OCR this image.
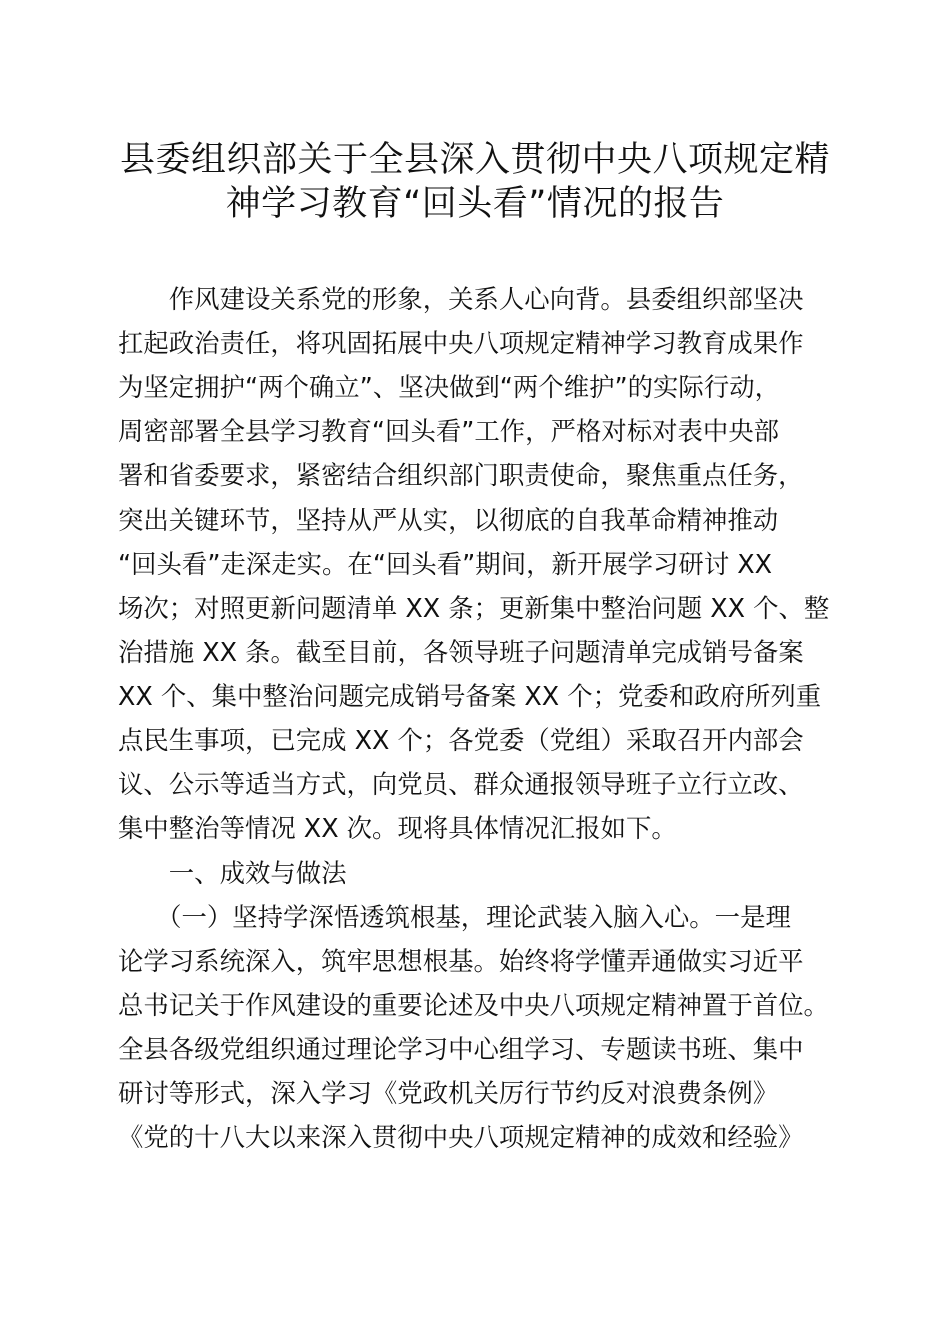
县委组织部关于全县深入贯彻中央八项规定精
神学习教育“回头看”情况的报告
　　作风建设关系党的形象，关系人心向背。县委组织部坚决
扛起政治责任，将巩固拓展中央八项规定精神学习教育成果作
为坚定拥护“两个确立”、坚决做到“两个维护”的实际行动，
周密部署全县学习教育“回头看”工作，严格对标对表中央部
署和省委要求，紧密结合组织部门职责使命，聚焦重点任务，
突出关键环节，坚持从严从实，以彻底的自我革命精神推动
“回头看”走深走实。在“回头看”期间，新开展学习研讨 XX
场次；对照更新问题清单 XX 条；更新集中整治问题 XX 个、整
治措施 XX 条。截至目前，各领导班子问题清单完成销号备案
XX 个、集中整治问题完成销号备案 XX 个；党委和政府所列重
点民生事项，已完成 XX 个；各党委（党组）采取召开内部会
议、公示等适当方式，向党员、群众通报领导班子立行立改、
集中整治等情况 XX 次。现将具体情况汇报如下。
　　一、成效与做法
　　（一）坚持学深悟透筑根基，理论武装入脑入心。一是理
论学习系统深入，筑牢思想根基。始终将学懂弄通做实习近平
总书记关于作风建设的重要论述及中央八项规定精神置于首位。
全县各级党组织通过理论学习中心组学习、专题读书班、集中
研讨等形式，深入学习《党政机关厉行节约反对浪费条例》
《党的十八大以来深入贯彻中央八项规定精神的成效和经验》
